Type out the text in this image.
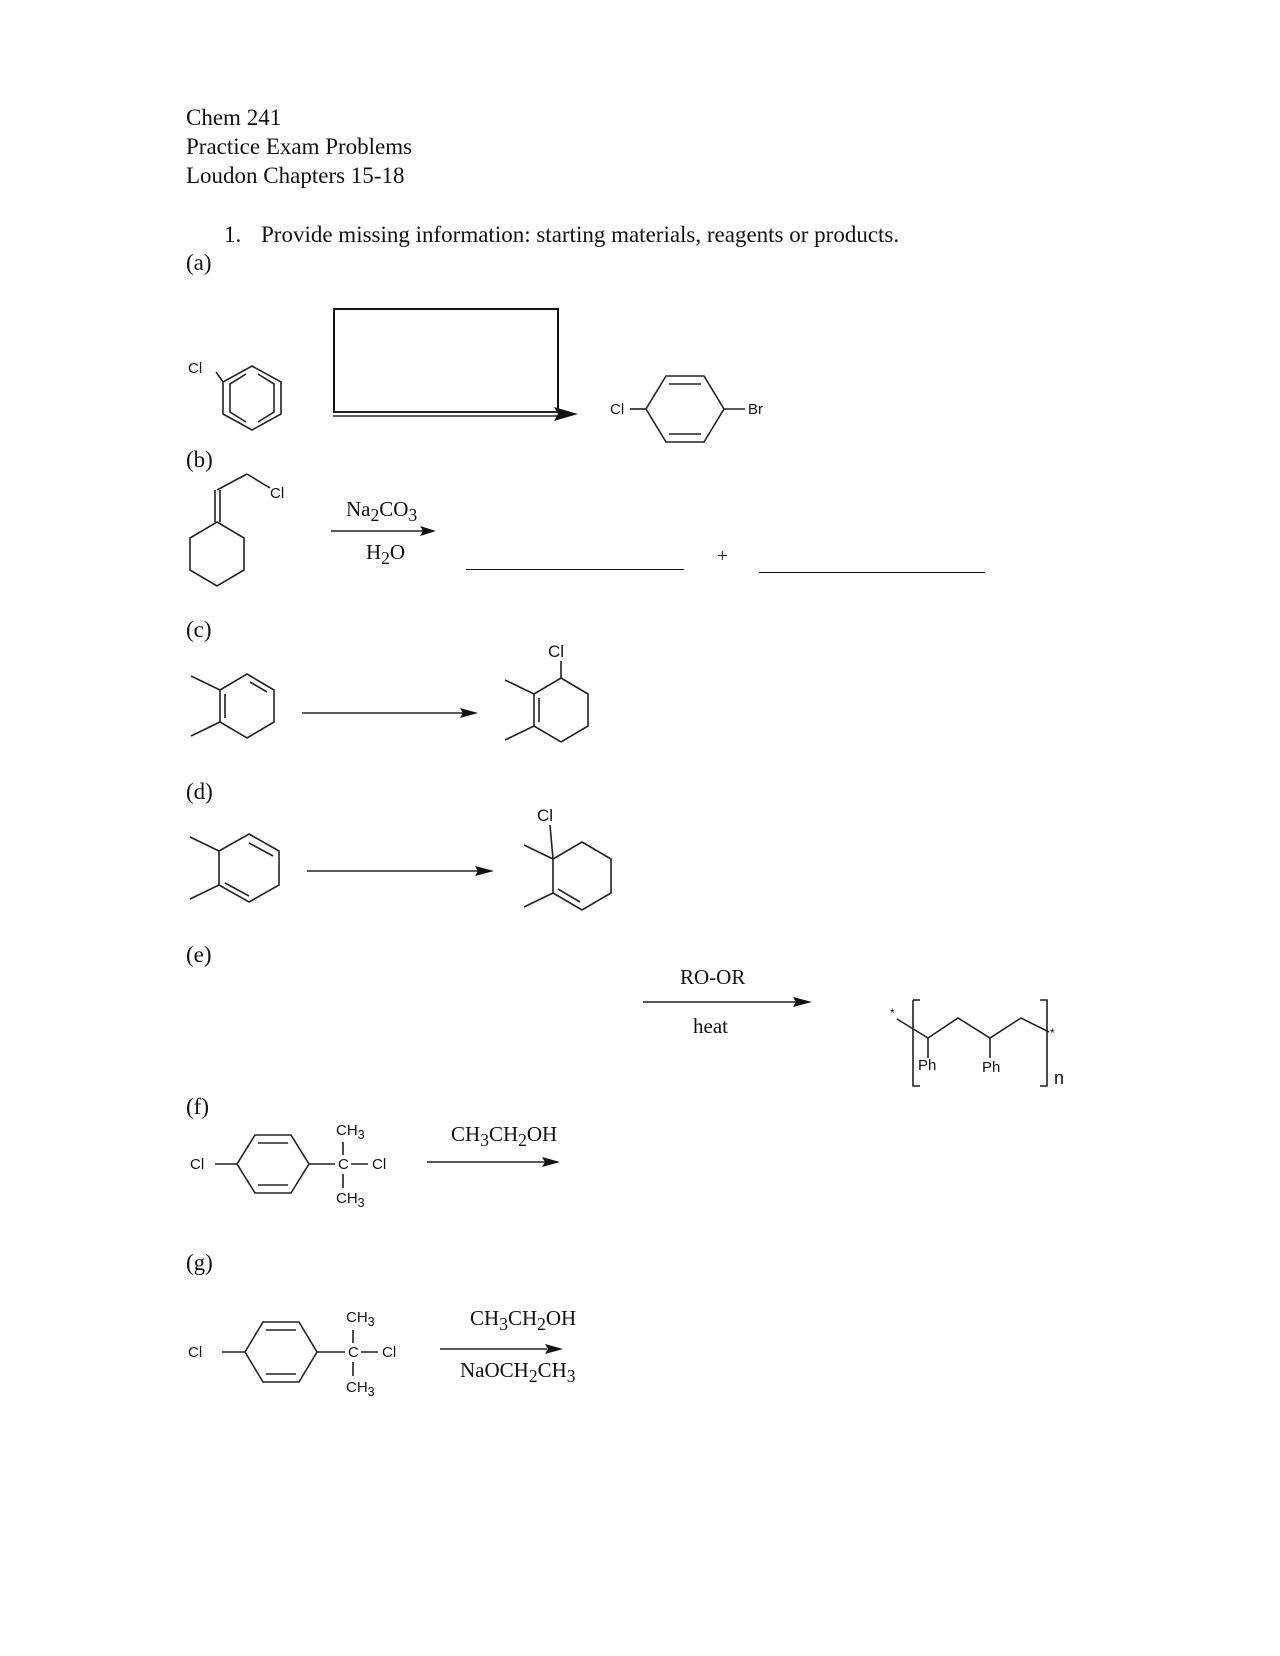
Chem 241
Practice Exam Problems
Loudon Chapters 15-18
1. Provide missing information: starting materials, reagents or products.
(a)
Cl
Cl	Br
(b)
Cl
$Na_2CO_3$
$H_2O$	+
(c)
Cl
(d)
Cl
(e)
RO-OR
heat
*
*
Ph	Ph
n
(f)
Cl
$CH_3$
C Cl
$CH_3$
$CH_3CH_2OH$
(g)
Cl
$CH_3$
C Cl
$CH_3$
$CH_3CH_2OH$
$NaOCH_2CH_3$
